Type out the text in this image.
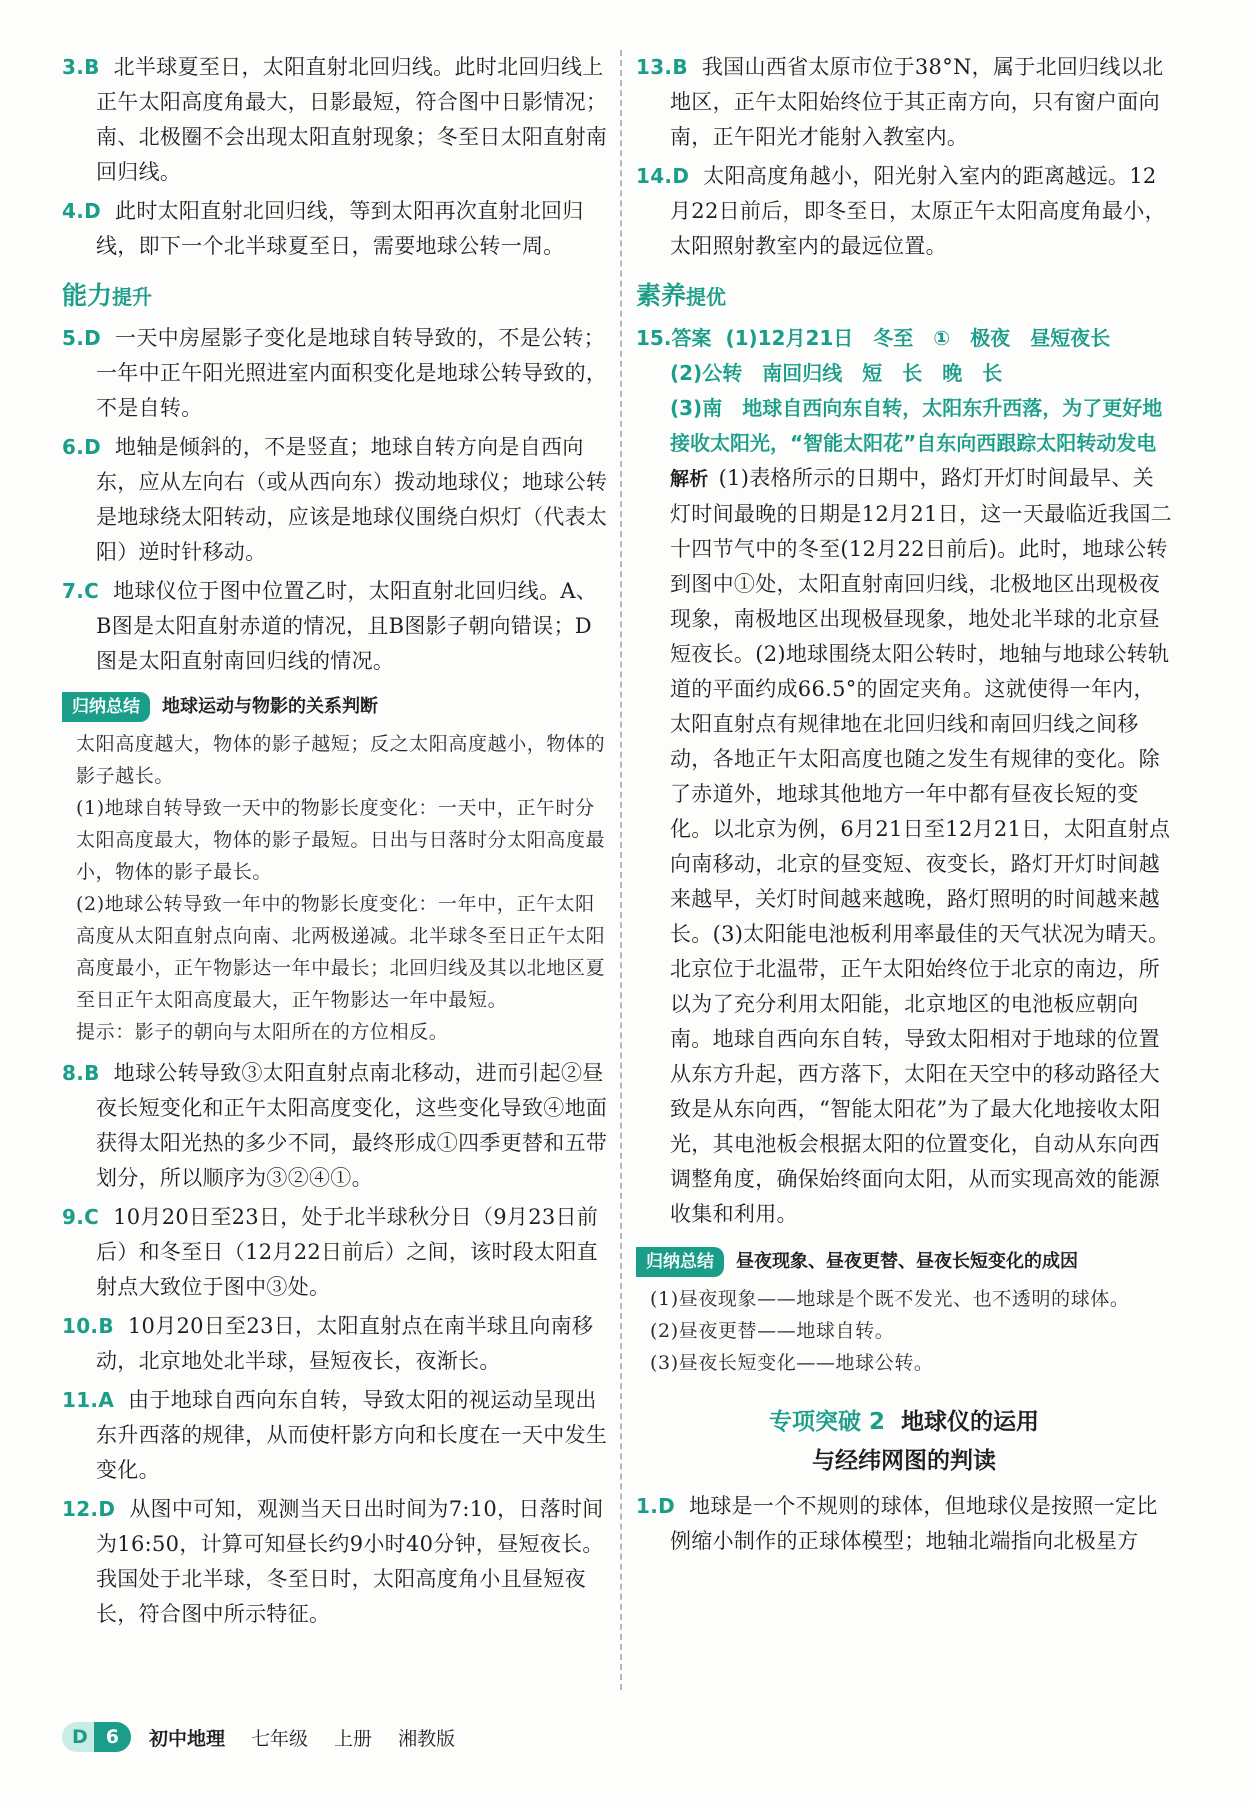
3.B 北半球夏至日，太阳直射北回归线。此时北回归线上正午太阳高度角最大，日影最短，符合图中日影情况；南、北极圈不会出现太阳直射现象；冬至日太阳直射南回归线。
4.D 此时太阳直射北回归线，等到太阳再次直射北回归线，即下一个北半球夏至日，需要地球公转一周。
能力提升
5.D 一天中房屋影子变化是地球自转导致的，不是公转；一年中正午阳光照进室内面积变化是地球公转导致的，不是自转。
6.D 地轴是倾斜的，不是竖直；地球自转方向是自西向东，应从左向右（或从西向东）拨动地球仪；地球公转是地球绕太阳转动，应该是地球仪围绕白炽灯（代表太阳）逆时针移动。
7.C 地球仪位于图中位置乙时，太阳直射北回归线。A、B图是太阳直射赤道的情况，且B图影子朝向错误；D图是太阳直射南回归线的情况。
归纳总结	地球运动与物影的关系判断
太阳高度越大，物体的影子越短；反之太阳高度越小，物体的影子越长。
(1)地球自转导致一天中的物影长度变化：一天中，正午时分太阳高度最大，物体的影子最短。日出与日落时分太阳高度最小，物体的影子最长。
(2)地球公转导致一年中的物影长度变化：一年中，正午太阳高度从太阳直射点向南、北两极递减。北半球冬至日正午太阳高度最小，正午物影达一年中最长；北回归线及其以北地区夏至日正午太阳高度最大，正午物影达一年中最短。
提示：影子的朝向与太阳所在的方位相反。
8.B 地球公转导致③太阳直射点南北移动，进而引起②昼夜长短变化和正午太阳高度变化，这些变化导致④地面获得太阳光热的多少不同，最终形成①四季更替和五带划分，所以顺序为③②④①。
9.C 10月20日至23日，处于北半球秋分日（9月23日前后）和冬至日（12月22日前后）之间，该时段太阳直射点大致位于图中③处。
10.B 10月20日至23日，太阳直射点在南半球且向南移动，北京地处北半球，昼短夜长，夜渐长。
11.A 由于地球自西向东自转，导致太阳的视运动呈现出东升西落的规律，从而使杆影方向和长度在一天中发生变化。
12.D 从图中可知，观测当天日出时间为7:10，日落时间为16:50，计算可知昼长约9小时40分钟，昼短夜长。我国处于北半球，冬至日时，太阳高度角小且昼短夜长，符合图中所示特征。
13.B 我国山西省太原市位于38°N，属于北回归线以北地区，正午太阳始终位于其正南方向，只有窗户面向南，正午阳光才能射入教室内。
14.D 太阳高度角越小，阳光射入室内的距离越远。12月22日前后，即冬至日，太原正午太阳高度角最小，太阳照射教室内的最远位置。
素养提优
15.答案 (1)12月21日　冬至　①　极夜　昼短夜长
(2)公转　南回归线　短　长　晚　长
(3)南　地球自西向东自转，太阳东升西落，为了更好地接收太阳光，“智能太阳花”自东向西跟踪太阳转动发电
解析 (1)表格所示的日期中，路灯开灯时间最早、关灯时间最晚的日期是12月21日，这一天最临近我国二十四节气中的冬至(12月22日前后)。此时，地球公转到图中①处，太阳直射南回归线，北极地区出现极夜现象，南极地区出现极昼现象，地处北半球的北京昼短夜长。(2)地球围绕太阳公转时，地轴与地球公转轨道的平面约成66.5°的固定夹角。这就使得一年内，太阳直射点有规律地在北回归线和南回归线之间移动，各地正午太阳高度也随之发生有规律的变化。除了赤道外，地球其他地方一年中都有昼夜长短的变化。以北京为例，6月21日至12月21日，太阳直射点向南移动，北京的昼变短、夜变长，路灯开灯时间越来越早，关灯时间越来越晚，路灯照明的时间越来越长。(3)太阳能电池板利用率最佳的天气状况为晴天。北京位于北温带，正午太阳始终位于北京的南边，所以为了充分利用太阳能，北京地区的电池板应朝向南。地球自西向东自转，导致太阳相对于地球的位置从东方升起，西方落下，太阳在天空中的移动路径大致是从东向西，“智能太阳花”为了最大化地接收太阳光，其电池板会根据太阳的位置变化，自动从东向西调整角度，确保始终面向太阳，从而实现高效的能源收集和利用。
归纳总结	昼夜现象、昼夜更替、昼夜长短变化的成因
(1)昼夜现象——地球是个既不发光、也不透明的球体。
(2)昼夜更替——地球自转。
(3)昼夜长短变化——地球公转。
专项突破 2 地球仪的运用
与经纬网图的判读
1.D 地球是一个不规则的球体，但地球仪是按照一定比例缩小制作的正球体模型；地轴北端指向北极星方
D 6	初中地理 七年级 上册 湘教版
